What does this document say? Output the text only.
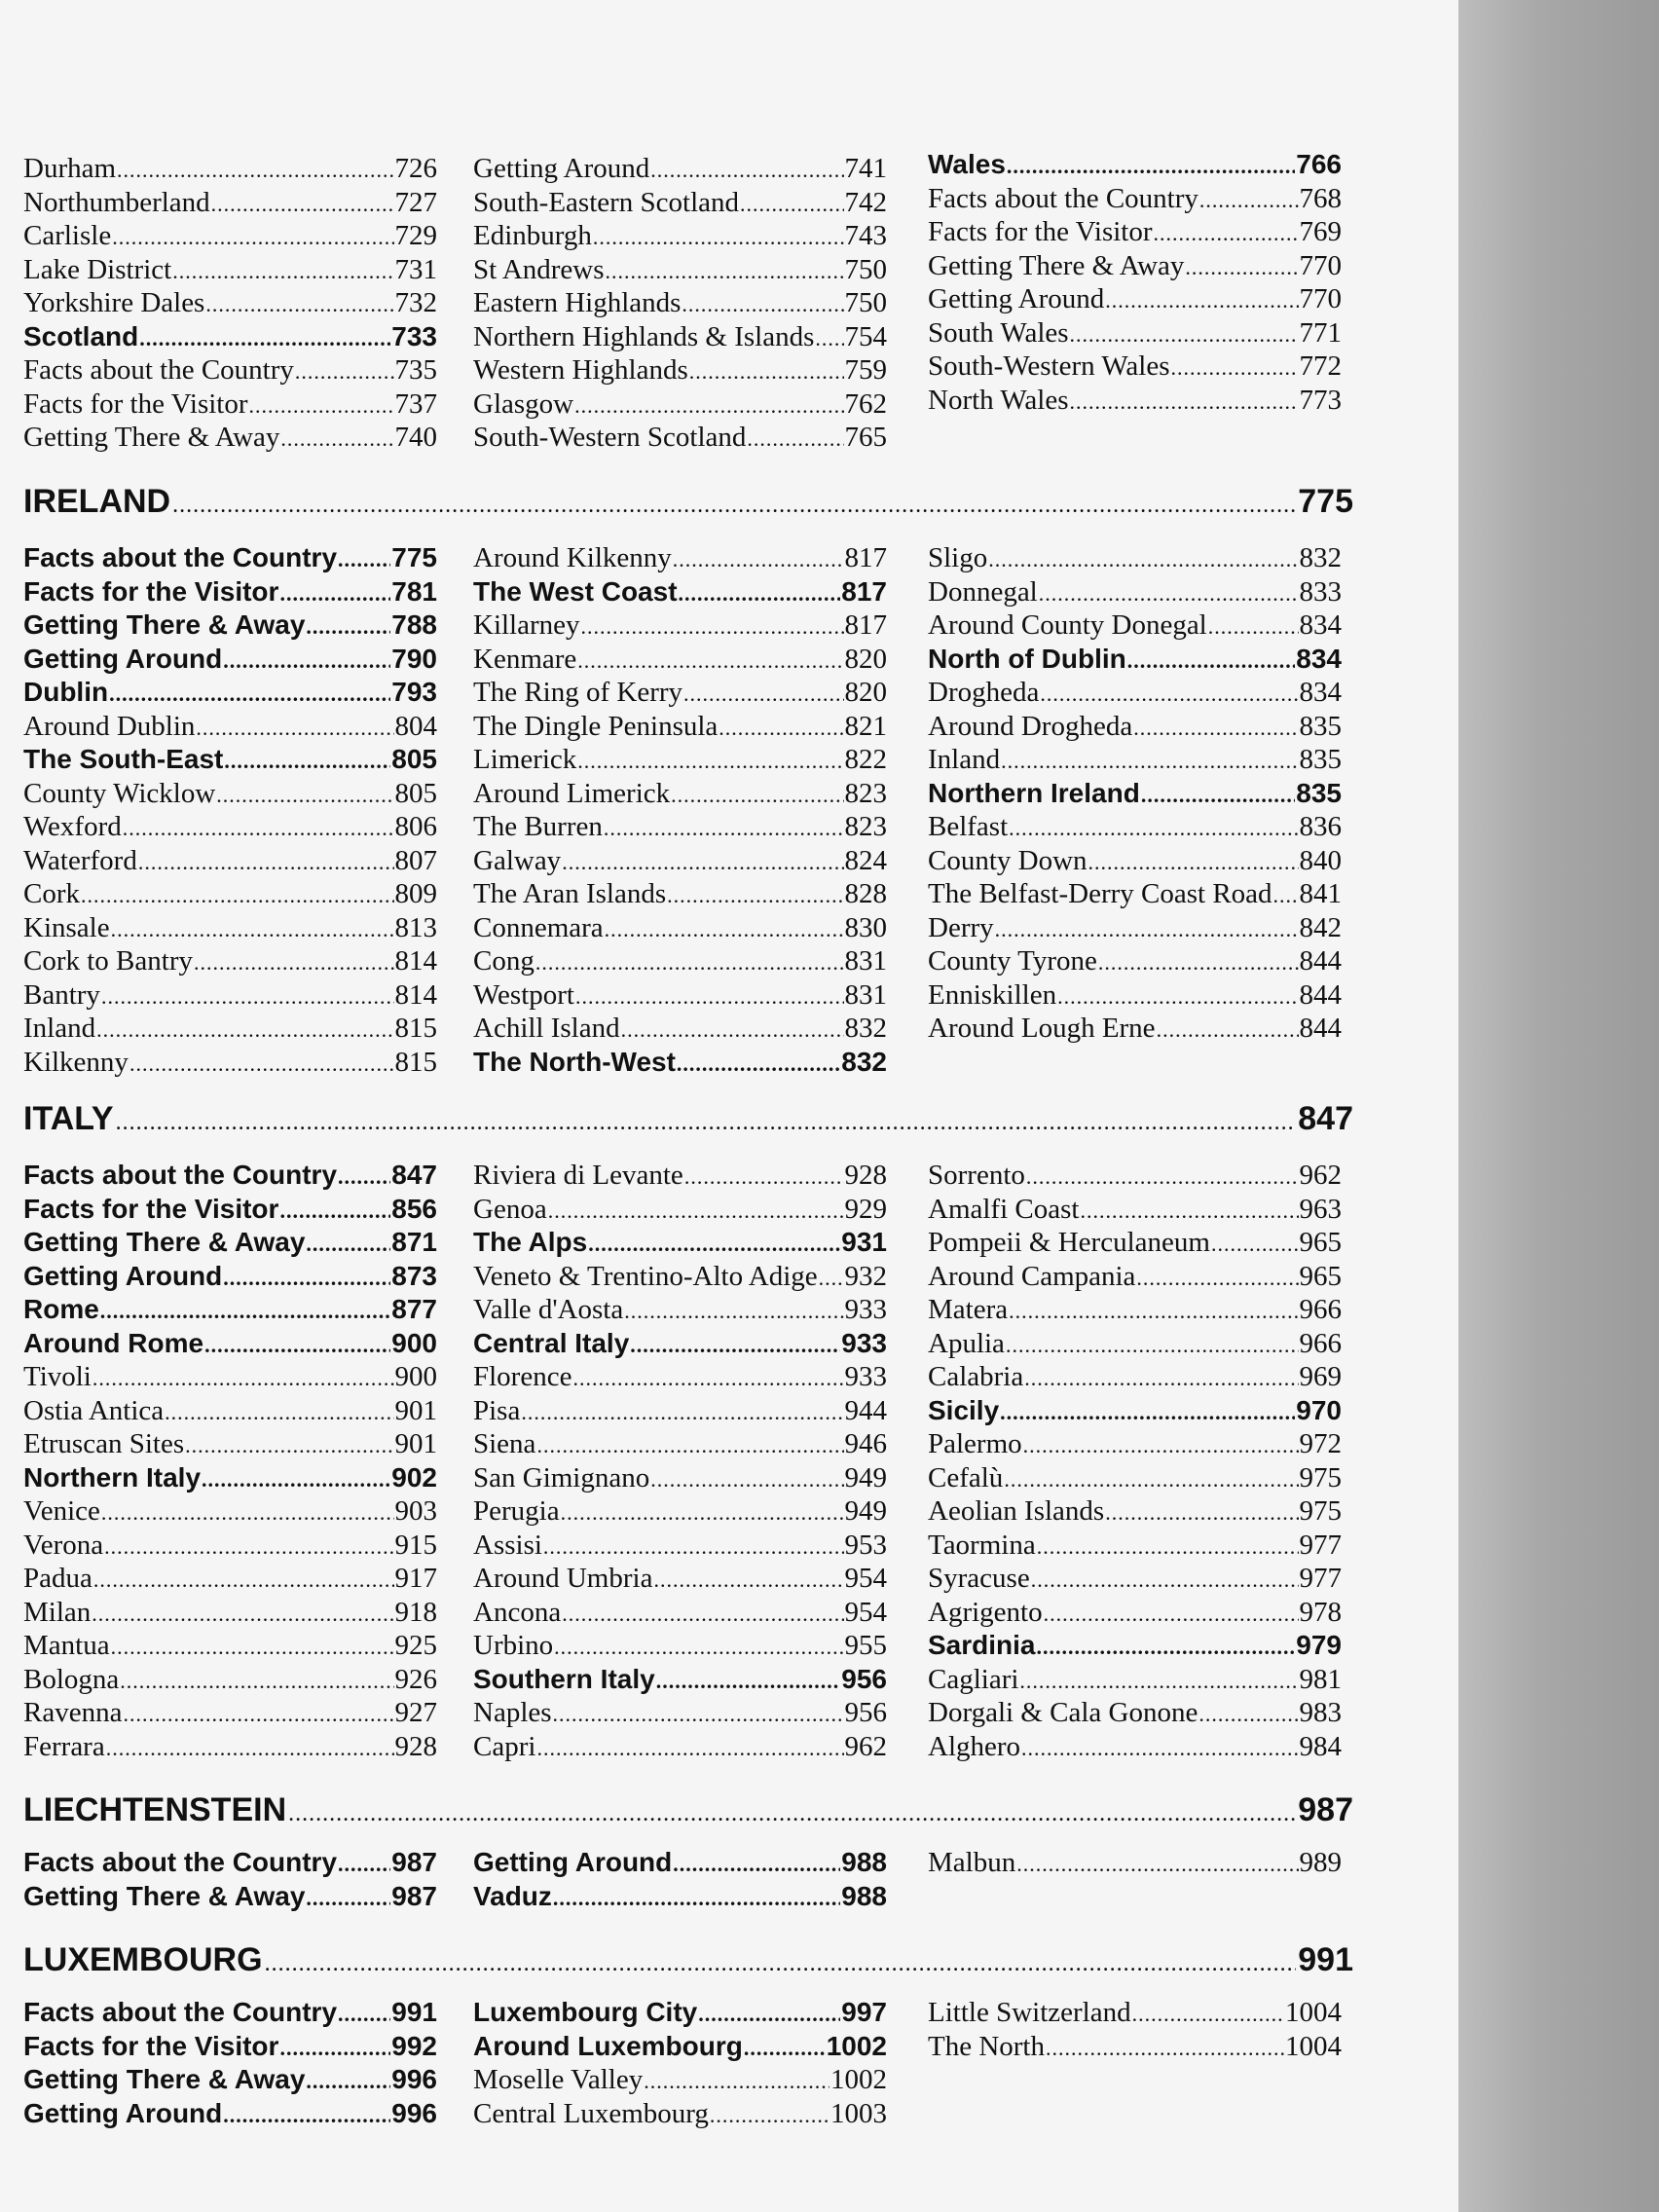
Durham .....	726
Northumberland .....	727
Carlisle .....	729
Lake District .....	731
Yorkshire Dales .....	732
Scotland .....	733
Facts about the Country .....	735
Facts for the Visitor .....	737
Getting There & Away .....	740
Getting Around .....	741
South-Eastern Scotland .....	742
Edinburgh .....	743
St Andrews .....	750
Eastern Highlands .....	750
Northern Highlands & Islands ..... 754
Western Highlands .....	759
Glasgow .....	762
South-Western Scotland .....	765
Wales .....	766
Facts about the Country .....	768
Facts for the Visitor .....	769
Getting There & Away .....	770
Getting Around .....	770
South Wales .....	771
South-Western Wales .....	772
North Wales .....	773
IRELAND .....	775
Facts about the Country ..... 775
Facts for the Visitor .....	781
Getting There & Away .....	788
Getting Around .....	790
Dublin .....	793
Around Dublin .....	804
The South-East .....	805
County Wicklow .....	805
Wexford .....	806
Waterford .....	807
Cork .....	809
Kinsale .....	813
Cork to Bantry .....	814
Bantry .....	814
Inland .....	815
Kilkenny .....	815
Around Kilkenny .....	817
The West Coast .....	817
Killarney .....	817
Kenmare .....	820
The Ring of Kerry .....	820
The Dingle Peninsula .....	821
Limerick .....	822
Around Limerick .....	823
The Burren .....	823
Galway .....	824
The Aran Islands .....	828
Connemara .....	830
Cong .....	831
Westport .....	831
Achill Island .....	832
The North-West .....	832
Sligo .....	832
Donnegal .....	833
Around County Donegal .....	834
North of Dublin .....	834
Drogheda .....	834
Around Drogheda .....	835
Inland .....	835
Northern Ireland .....	835
Belfast .....	836
County Down .....	840
The Belfast-Derry Coast Road ..... 841
Derry .....	842
County Tyrone .....	844
Enniskillen .....	844
Around Lough Erne .....	844
ITALY .....	847
Facts about the Country ..... 847
Facts for the Visitor .....	856
Getting There & Away .....	871
Getting Around .....	873
Rome .....	877
Around Rome .....	900
Tivoli .....	900
Ostia Antica .....	901
Etruscan Sites .....	901
Northern Italy .....	902
Venice .....	903
Verona .....	915
Padua .....	917
Milan .....	918
Mantua .....	925
Bologna .....	926
Ravenna .....	927
Ferrara .....	928
Riviera di Levante .....	928
Genoa .....	929
The Alps .....	931
Veneto & Trentino-Alto Adige ..... 932
Valle d'Aosta .....	933
Central Italy .....	933
Florence .....	933
Pisa .....	944
Siena .....	946
San Gimignano .....	949
Perugia .....	949
Assisi .....	953
Around Umbria .....	954
Ancona .....	954
Urbino .....	955
Southern Italy .....	956
Naples .....	956
Capri .....	962
Sorrento .....	962
Amalfi Coast .....	963
Pompeii & Herculaneum .....	965
Around Campania .....	965
Matera .....	966
Apulia .....	966
Calabria .....	969
Sicily .....	970
Palermo .....	972
Cefalù .....	975
Aeolian Islands .....	975
Taormina .....	977
Syracuse .....	977
Agrigento .....	978
Sardinia .....	979
Cagliari .....	981
Dorgali & Cala Gonone .....	983
Alghero .....	984
LIECHTENSTEIN .....	987
Facts about the Country ..... 987
Getting There & Away .....	987
Getting Around .....	988
Vaduz .....	988
Malbun .....	989
LUXEMBOURG .....	991
Facts about the Country ..... 991
Facts for the Visitor .....	992
Getting There & Away .....	996
Getting Around .....	996
Luxembourg City .....	997
Around Luxembourg .....	1002
Moselle Valley .....	1002
Central Luxembourg .....	1003
Little Switzerland .....	1004
The North .....	1004
